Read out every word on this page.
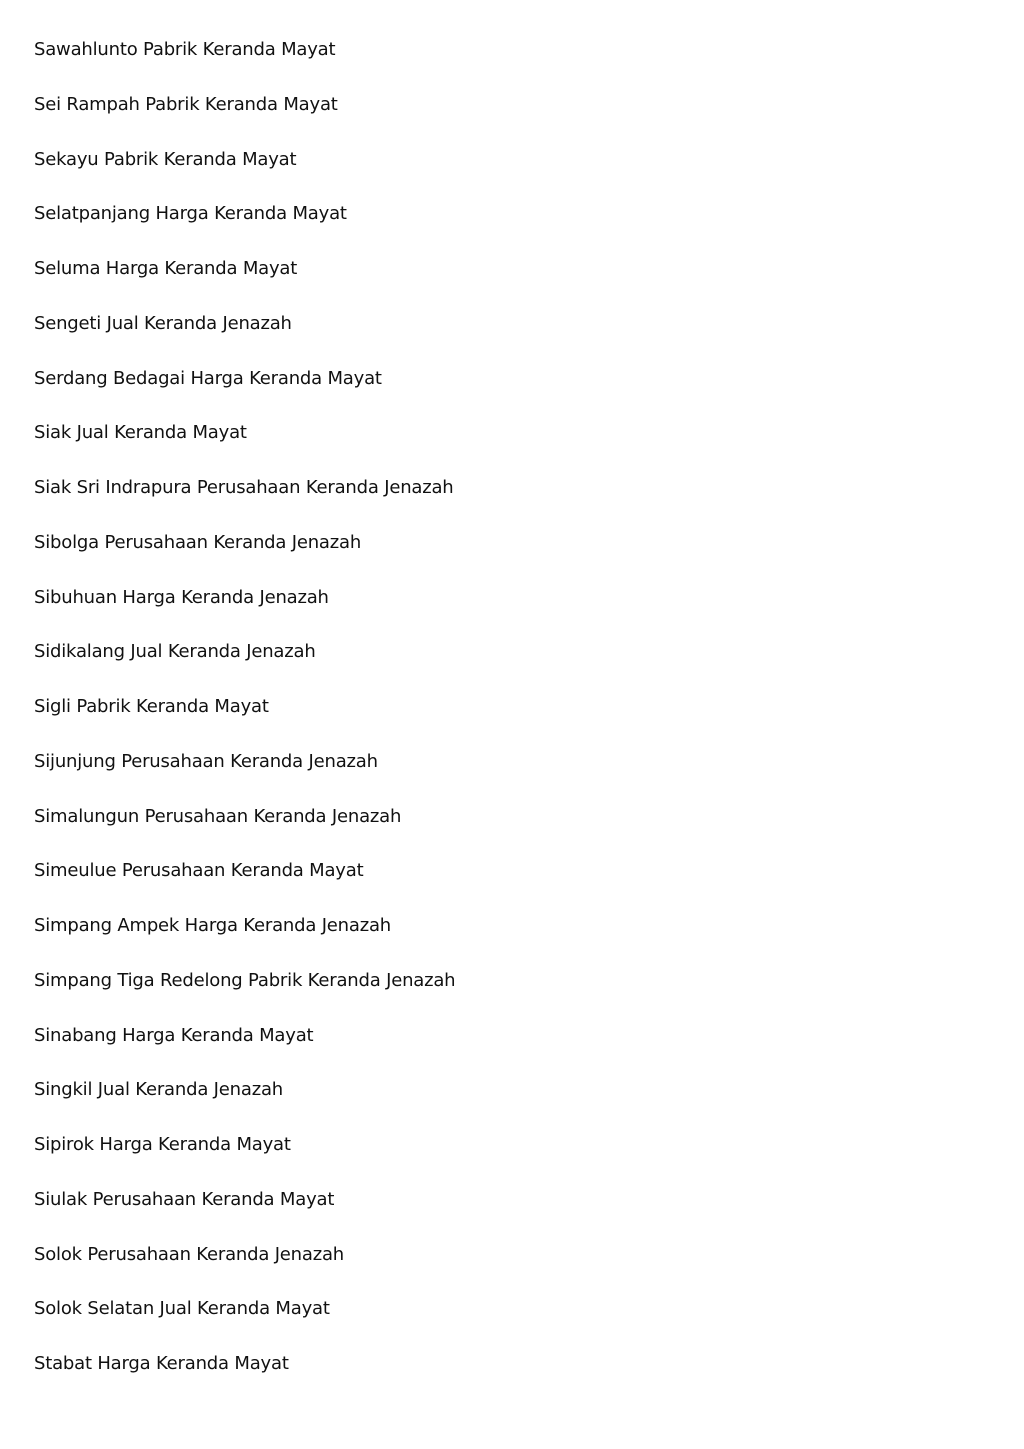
Sawahlunto Pabrik Keranda Mayat
Sei Rampah Pabrik Keranda Mayat
Sekayu Pabrik Keranda Mayat
Selatpanjang Harga Keranda Mayat
Seluma Harga Keranda Mayat
Sengeti Jual Keranda Jenazah
Serdang Bedagai Harga Keranda Mayat
Siak Jual Keranda Mayat
Siak Sri Indrapura Perusahaan Keranda Jenazah
Sibolga Perusahaan Keranda Jenazah
Sibuhuan Harga Keranda Jenazah
Sidikalang Jual Keranda Jenazah
Sigli Pabrik Keranda Mayat
Sijunjung Perusahaan Keranda Jenazah
Simalungun Perusahaan Keranda Jenazah
Simeulue Perusahaan Keranda Mayat
Simpang Ampek Harga Keranda Jenazah
Simpang Tiga Redelong Pabrik Keranda Jenazah
Sinabang Harga Keranda Mayat
Singkil Jual Keranda Jenazah
Sipirok Harga Keranda Mayat
Siulak Perusahaan Keranda Mayat
Solok Perusahaan Keranda Jenazah
Solok Selatan Jual Keranda Mayat
Stabat Harga Keranda Mayat
